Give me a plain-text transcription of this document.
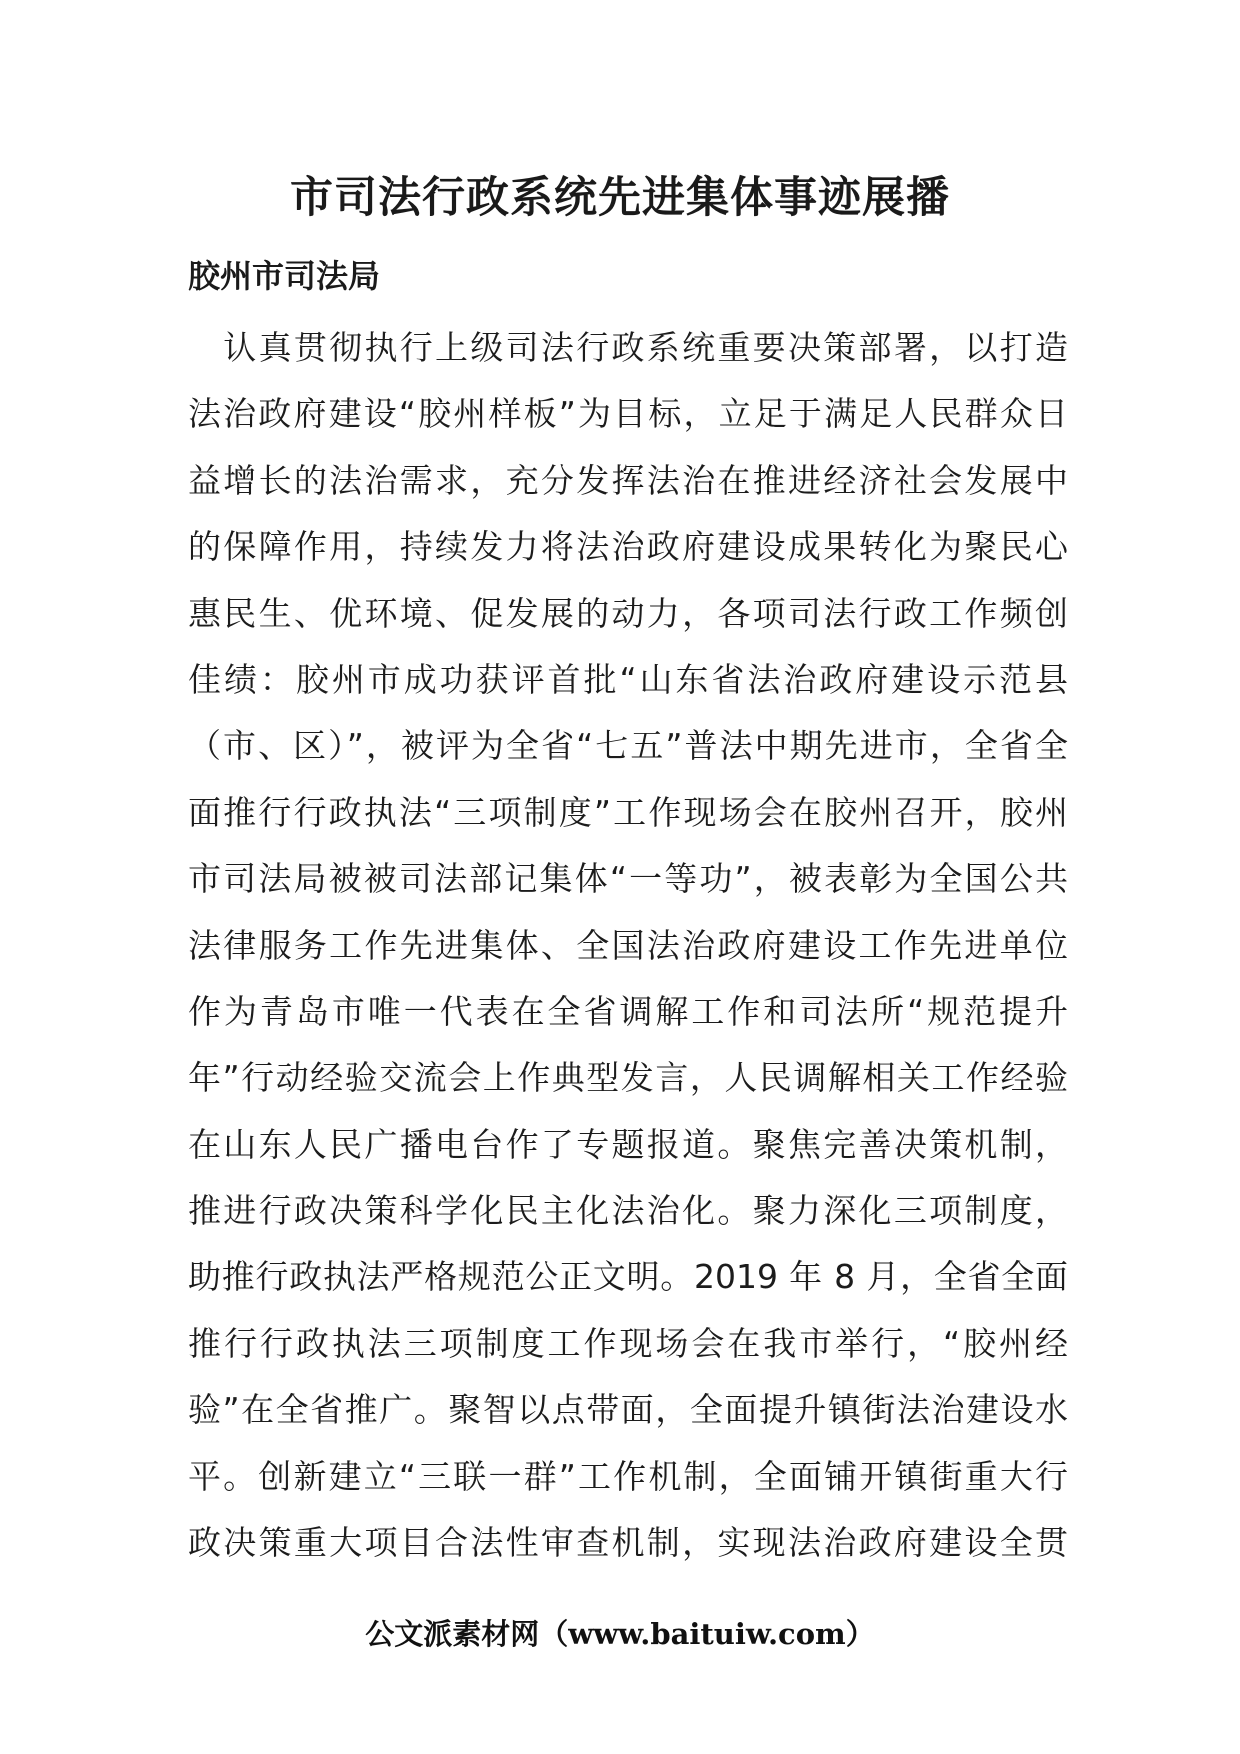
市司法行政系统先进集体事迹展播
胶州市司法局
　认真贯彻执行上级司法行政系统重要决策部署，以打造
法治政府建设“胶州样板”为目标，立足于满足人民群众日
益增长的法治需求，充分发挥法治在推进经济社会发展中
的保障作用，持续发力将法治政府建设成果转化为聚民心
惠民生、优环境、促发展的动力，各项司法行政工作频创
佳绩：胶州市成功获评首批“山东省法治政府建设示范县
（市、区）”，被评为全省“七五”普法中期先进市，全省全
面推行行政执法“三项制度”工作现场会在胶州召开，胶州
市司法局被被司法部记集体“一等功”，被表彰为全国公共
法律服务工作先进集体、全国法治政府建设工作先进单位
作为青岛市唯一代表在全省调解工作和司法所“规范提升
年”行动经验交流会上作典型发言，人民调解相关工作经验
在山东人民广播电台作了专题报道。聚焦完善决策机制，
推进行政决策科学化民主化法治化。聚力深化三项制度，
助推行政执法严格规范公正文明。2019 年 8 月，全省全面
推行行政执法三项制度工作现场会在我市举行，“胶州经
验”在全省推广。聚智以点带面，全面提升镇街法治建设水
平。创新建立“三联一群”工作机制，全面铺开镇街重大行
政决策重大项目合法性审查机制，实现法治政府建设全贯
公文派素材网（www.baituiw.com）
